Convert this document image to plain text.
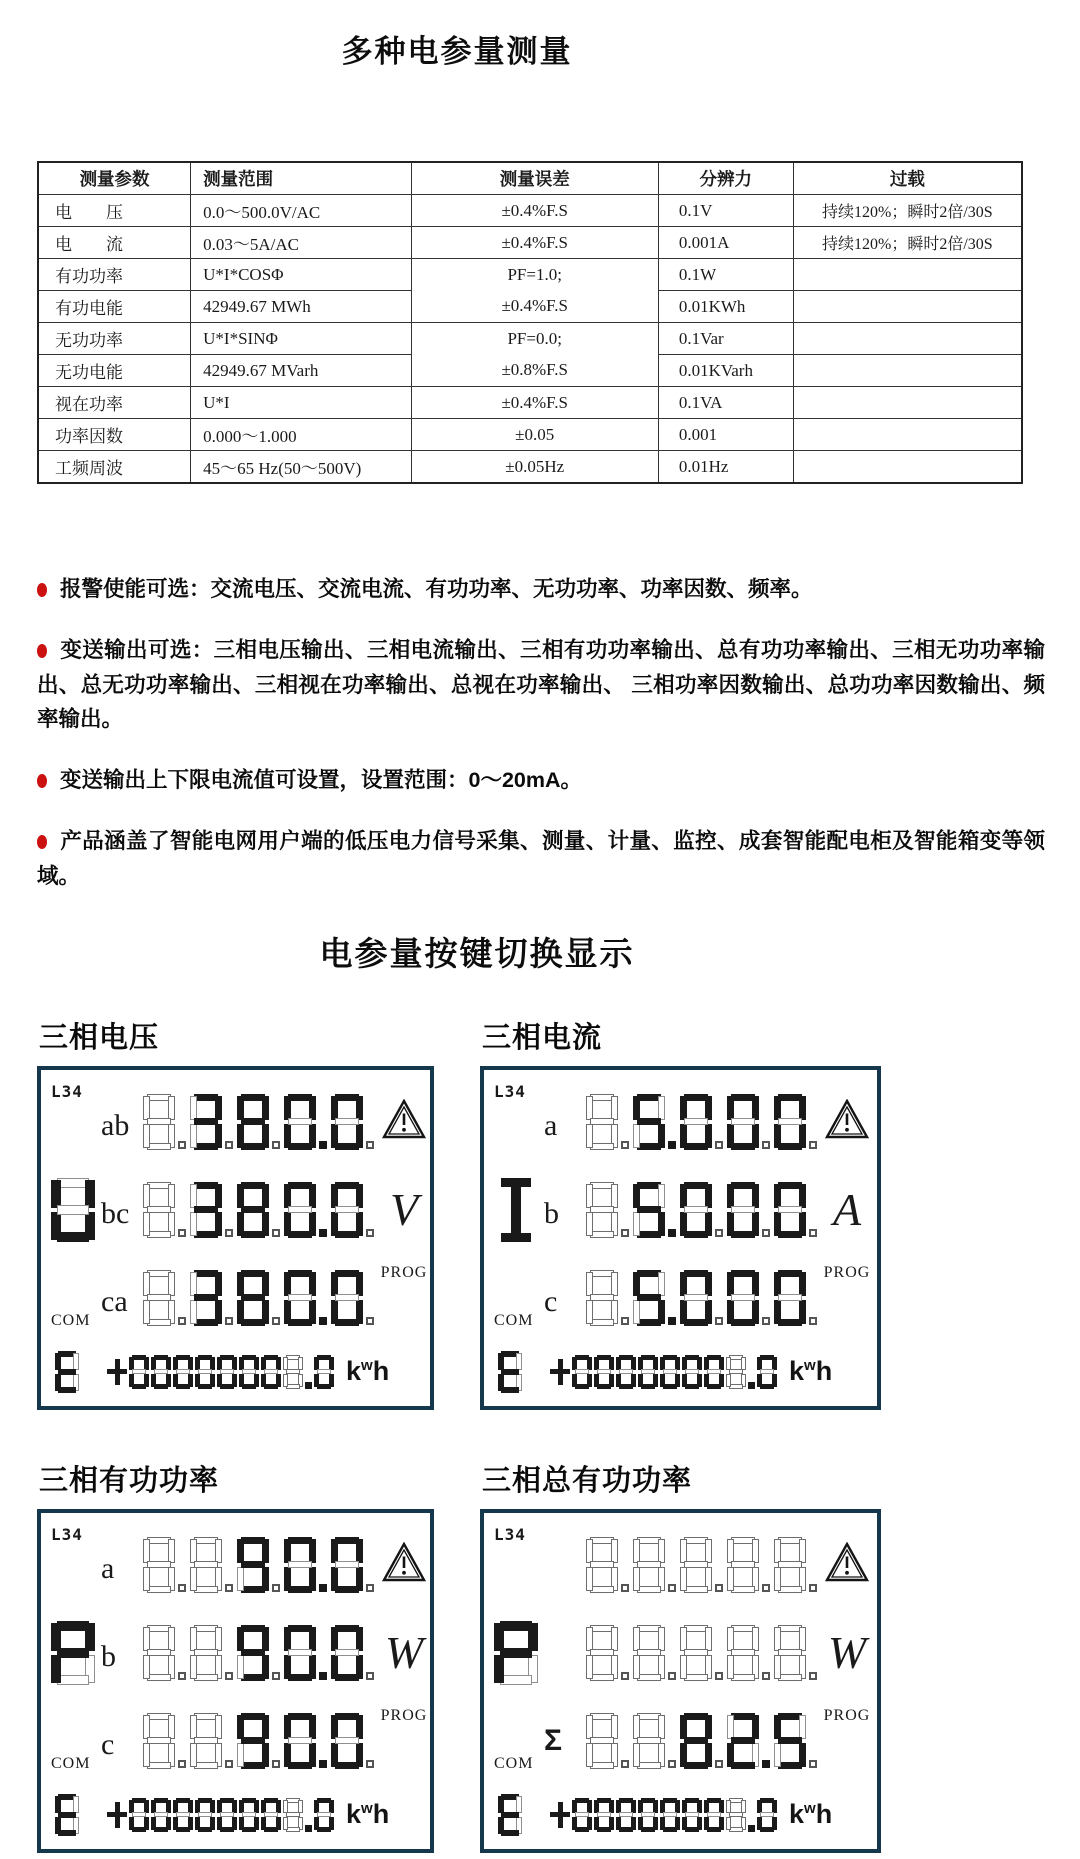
多种电参量测量
测量参数	测量范围	测量误差	分辨力	过载
电　　压	0.0～500.0V/AC	±0.4%F.S	0.1V	持续120%；瞬时2倍/30S
电　　流	0.03～5A/AC	±0.4%F.S	0.001A	持续120%；瞬时2倍/30S
有功功率	U*I*COSΦ	PF=1.0;	0.1W	
有功电能	42949.67 MWh	±0.4%F.S	0.01KWh	
无功功率	U*I*SINΦ	PF=0.0;	0.1Var	
无功电能	42949.67 MVarh	±0.8%F.S	0.01KVarh	
视在功率	U*I	±0.4%F.S	0.1VA	
功率因数	0.000～1.000	±0.05	0.001	
工频周波	45～65 Hz(50～500V)	±0.05Hz	0.01Hz	

报警使能可选：交流电压、交流电流、有功功率、无功功率、功率因数、频率。

变送输出可选：三相电压输出、三相电流输出、三相有功功率输出、总有功功率输出、三相无功功率输出、总无功功率输出、三相视在功率输出、总视在功率输出、 三相功率因数输出、总功功率因数输出、频率输出。

变送输出上下限电流值可设置，设置范围：0～20mA。

产品涵盖了智能电网用户端的低压电力信号采集、测量、计量、监控、成套智能配电柜及智能箱变等领域。

电参量按键切换显示
三相电压
L34
ab
bc	V
COM
ca
PROG
$k^wh$
三相电流
L34
a
b	A
COM
c
PROG
$k^wh$
三相有功功率
L34
a
b	W
COM
c
PROG
$k^wh$
三相总有功功率
L34
W
COM
Σ
PROG
$k^wh$
